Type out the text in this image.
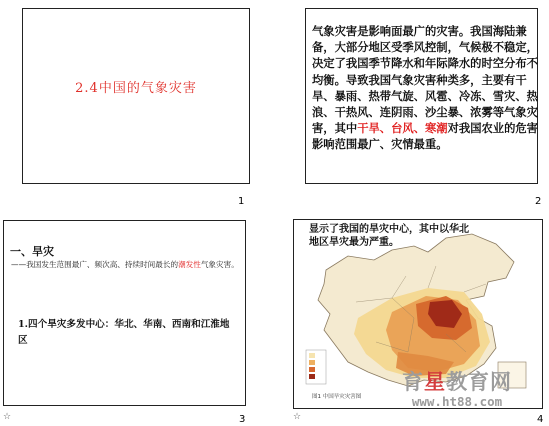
2.4中国的气象灾害
1
气象灾害是影响面最广的灾害。我国海陆兼备，大部分地区受季风控制，气候极不稳定，决定了我国季节降水和年际降水的时空分布不均衡。导致我国气象灾害种类多，主要有干旱、暴雨、热带气旋、风雹、冷冻、雪灾、热浪、干热风、连阴雨、沙尘暴、浓雾等气象灾害，其中干旱、台风、寒潮对我国农业的危害影响范围最广、灾情最重。
2
一、旱灾
——我国发生范围最广、频次高、持续时间最长的潮发性气象灾害。
1.四个旱灾多发中心：华北、华南、西南和江淮地区
3
☆
显示了我国的旱灾中心，其中以华北地区旱灾最为严重。
图1 中国旱灾灾害图
4
☆
育星教育网
www.ht88.com
